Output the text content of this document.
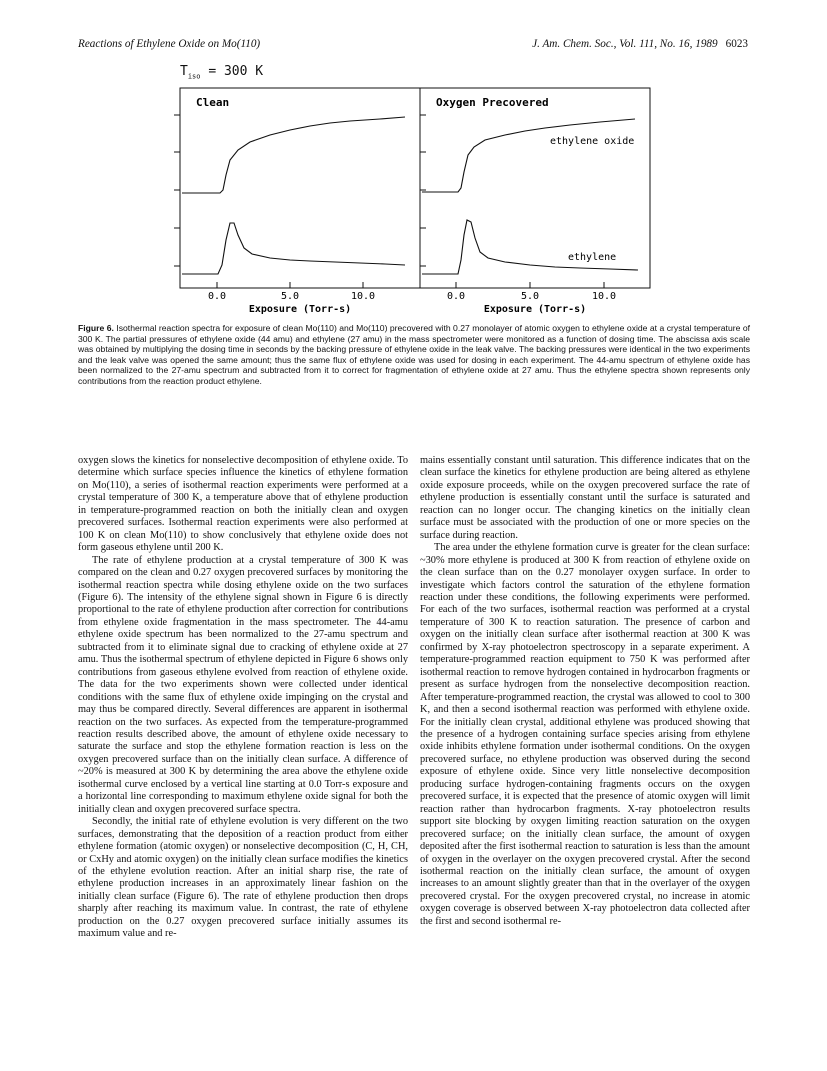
Reactions of Ethylene Oxide on Mo(110)	J. Am. Chem. Soc., Vol. 111, No. 16, 1989 6023
$T_{iso} = 300$ K
Clean
0.0	5.0	10.0
Exposure (Torr-s)
Oxygen Precovered
ethylene oxide
ethylene
0.0	5.0	10.0
Exposure (Torr-s)
Figure 6. Isothermal reaction spectra for exposure of clean Mo(110) and Mo(110) precovered with 0.27 monolayer of atomic oxygen to ethylene oxide at a crystal temperature of 300 K. The partial pressures of ethylene oxide (44 amu) and ethylene (27 amu) in the mass spectrometer were monitored as a function of dosing time. The abscissa axis scale was obtained by multiplying the dosing time in seconds by the backing pressure of ethylene oxide in the leak valve. The backing pressures were identical in the two experiments and the leak valve was opened the same amount; thus the same flux of ethylene oxide was used for dosing in each experiment. The 44-amu spectrum of ethylene oxide has been normalized to the 27-amu spectrum and subtracted from it to correct for fragmentation of ethylene oxide at 27 amu. Thus the ethylene spectra shown represents only contributions from the reaction product ethylene.

oxygen slows the kinetics for nonselective decomposition of ethylene oxide. To determine which surface species influence the kinetics of ethylene formation on Mo(110), a series of isothermal reaction experiments were performed at a crystal temperature of 300 K, a temperature above that of ethylene production in temperature-programmed reaction on both the initially clean and oxygen precovered surfaces. Isothermal reaction experiments were also performed at 100 K on clean Mo(110) to show conclusively that ethylene oxide does not form gaseous ethylene until 200 K.

The rate of ethylene production at a crystal temperature of 300 K was compared on the clean and 0.27 oxygen precovered surfaces by monitoring the isothermal reaction spectra while dosing ethylene oxide on the two surfaces (Figure 6). The intensity of the ethylene signal shown in Figure 6 is directly proportional to the rate of ethylene production after correction for contributions from ethylene oxide fragmentation in the mass spectrometer. The 44-amu ethylene oxide spectrum has been normalized to the 27-amu spectrum and subtracted from it to eliminate signal due to cracking of ethylene oxide at 27 amu. Thus the isothermal spectrum of ethylene depicted in Figure 6 shows only contributions from gaseous ethylene evolved from reaction of ethylene oxide. The data for the two experiments shown were collected under identical conditions with the same flux of ethylene oxide impinging on the crystal and may thus be compared directly. Several differences are apparent in isothermal reaction on the two surfaces. As expected from the temperature-programmed reaction results described above, the amount of ethylene oxide necessary to saturate the surface and stop the ethylene formation reaction is less on the oxygen precovered surface than on the initially clean surface. A difference of ~20% is measured at 300 K by determining the area above the ethylene oxide isothermal curve enclosed by a vertical line starting at 0.0 Torr-s exposure and a horizontal line corresponding to maximum ethylene oxide signal for both the initially clean and oxygen precovered surface spectra.

Secondly, the initial rate of ethylene evolution is very different on the two surfaces, demonstrating that the deposition of a reaction product from either ethylene formation (atomic oxygen) or nonselective decomposition (C, H, CH, or CxHy and atomic oxygen) on the initially clean surface modifies the kinetics of the ethylene evolution reaction. After an initial sharp rise, the rate of ethylene production increases in an approximately linear fashion on the initially clean surface (Figure 6). The rate of ethylene production then drops sharply after reaching its maximum value. In contrast, the rate of ethylene production on the 0.27 oxygen precovered surface initially assumes its maximum value and re-

mains essentially constant until saturation. This difference indicates that on the clean surface the kinetics for ethylene production are being altered as ethylene oxide exposure proceeds, while on the oxygen precovered surface the rate of ethylene production is essentially constant until the surface is saturated and reaction can no longer occur. The changing kinetics on the initially clean surface must be associated with the production of one or more species on the surface during reaction.

The area under the ethylene formation curve is greater for the clean surface: ~30% more ethylene is produced at 300 K from reaction of ethylene oxide on the clean surface than on the 0.27 monolayer oxygen surface. In order to investigate which factors control the saturation of the ethylene formation reaction under these conditions, the following experiments were performed. For each of the two surfaces, isothermal reaction was performed at a crystal temperature of 300 K to reaction saturation. The presence of carbon and oxygen on the initially clean surface after isothermal reaction at 300 K was confirmed by X-ray photoelectron spectroscopy in a separate experiment. A temperature-programmed reaction equipment to 750 K was performed after isothermal reaction to remove hydrogen contained in hydrocarbon fragments or present as surface hydrogen from the nonselective decomposition reaction. After temperature-programmed reaction, the crystal was allowed to cool to 300 K, and then a second isothermal reaction was performed with ethylene oxide. For the initially clean crystal, additional ethylene was produced showing that the presence of a hydrogen containing surface species arising from ethylene oxide inhibits ethylene formation under isothermal conditions. On the oxygen precovered surface, no ethylene production was observed during the second exposure of ethylene oxide. Since very little nonselective decomposition producing surface hydrogen-containing fragments occurs on the oxygen precovered surface, it is expected that the presence of atomic oxygen will limit reaction rather than hydrocarbon fragments. X-ray photoelectron results support site blocking by oxygen limiting reaction saturation on the oxygen precovered surface; on the initially clean surface, the amount of oxygen deposited after the first isothermal reaction to saturation is less than the amount of oxygen in the overlayer on the oxygen precovered crystal. After the second isothermal reaction on the initially clean surface, the amount of oxygen increases to an amount slightly greater than that in the overlayer of the oxygen precovered crystal. For the oxygen precovered crystal, no increase in atomic oxygen coverage is observed between X-ray photoelectron data collected after the first and second isothermal re-
